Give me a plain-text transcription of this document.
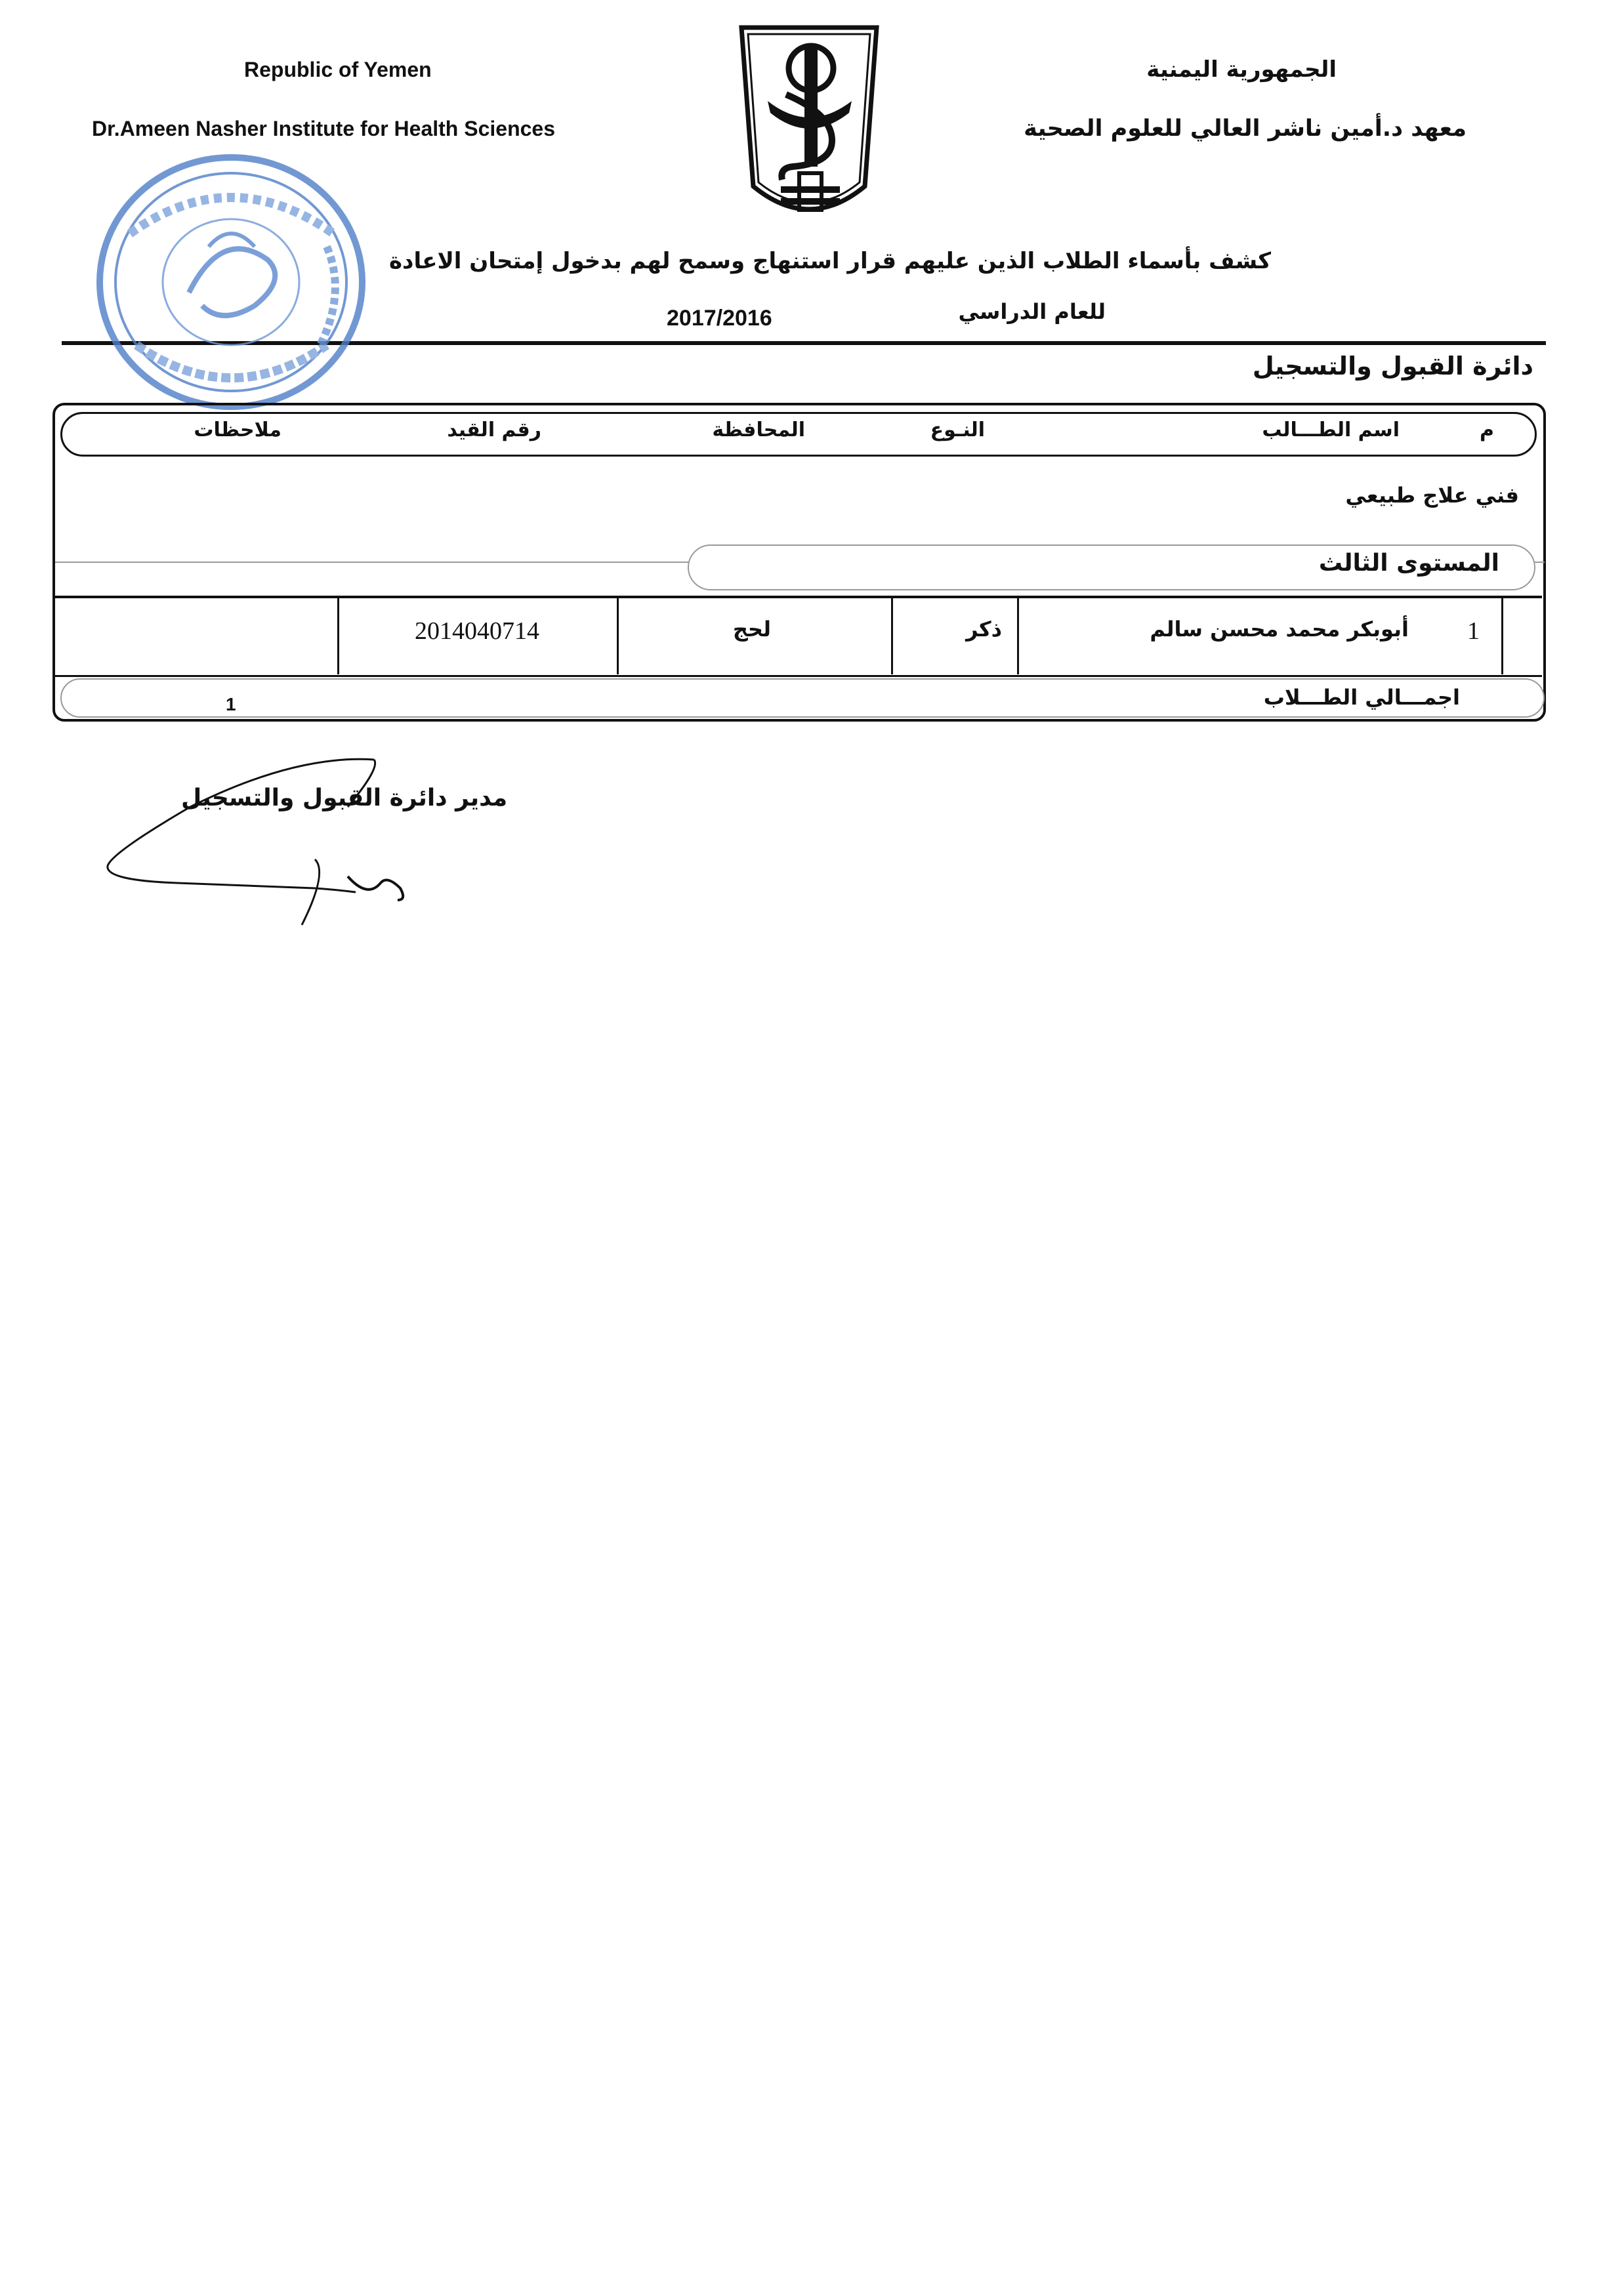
Republic of Yemen
Dr.Ameen Nasher Institute for Health Sciences
الجمهورية اليمنية
معهد د.أمين ناشر العالي للعلوم الصحية
كشف بأسماء الطلاب الذين عليهم قرار استنهاج وسمح لهم بدخول إمتحان الاعادة
للعام الدراسي
2017/2016
دائرة القبول والتسجيل
م
اسم الطـــالب
النـوع
المحافظة
رقم القيد
ملاحظات
فني علاج طبيعي
المستوى الثالث
1
أبوبكر محمد محسن سالم
ذكر
لحج
2014040714
اجمـــالي الطـــلاب
1
مدير دائرة القبول والتسجيل
